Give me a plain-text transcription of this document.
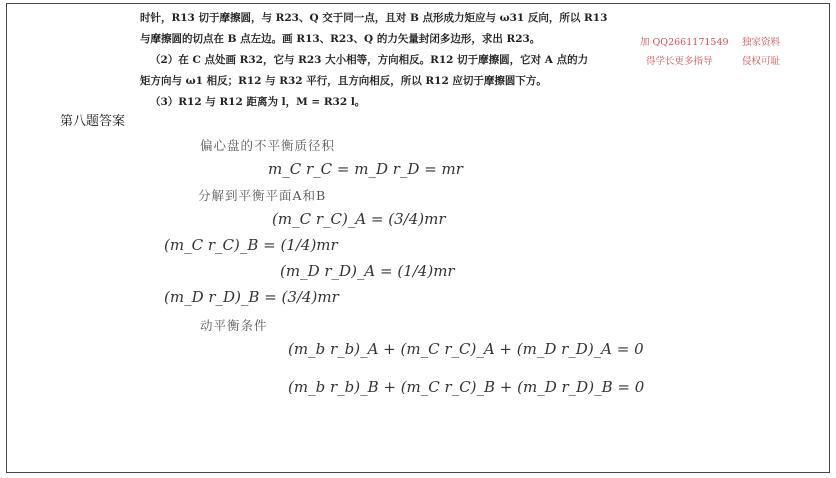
时针，R13 切于摩擦圆，与 R23、Q 交于同一点，且对 B 点形成力矩应与 ω31 反向，所以 R13

与摩擦圆的切点在 B 点左边。画 R13、R23、Q 的力矢量封闭多边形，求出 R23。

（2）在 C 点处画 R32，它与 R23 大小相等，方向相反。R12 切于摩擦圆，它对 A 点的力

矩方向与 ω1 相反；R12 与 R32 平行，且方向相反，所以 R12 应切于摩擦圆下方。

（3）R12 与 R12 距离为 l，M = R32 l。

加 QQ2661171549 独家资料
得学长更多指导	侵权可耻
第八题答案
偏心盘的不平衡质径积
m_C r_C = m_D r_D = mr
分解到平衡平面A和B
(m_C r_C)_A = (3/4)mr
(m_C r_C)_B = (1/4)mr
(m_D r_D)_A = (1/4)mr
(m_D r_D)_B = (3/4)mr
动平衡条件
(m_b r_b)_A + (m_C r_C)_A + (m_D r_D)_A = 0
(m_b r_b)_B + (m_C r_C)_B + (m_D r_D)_B = 0
